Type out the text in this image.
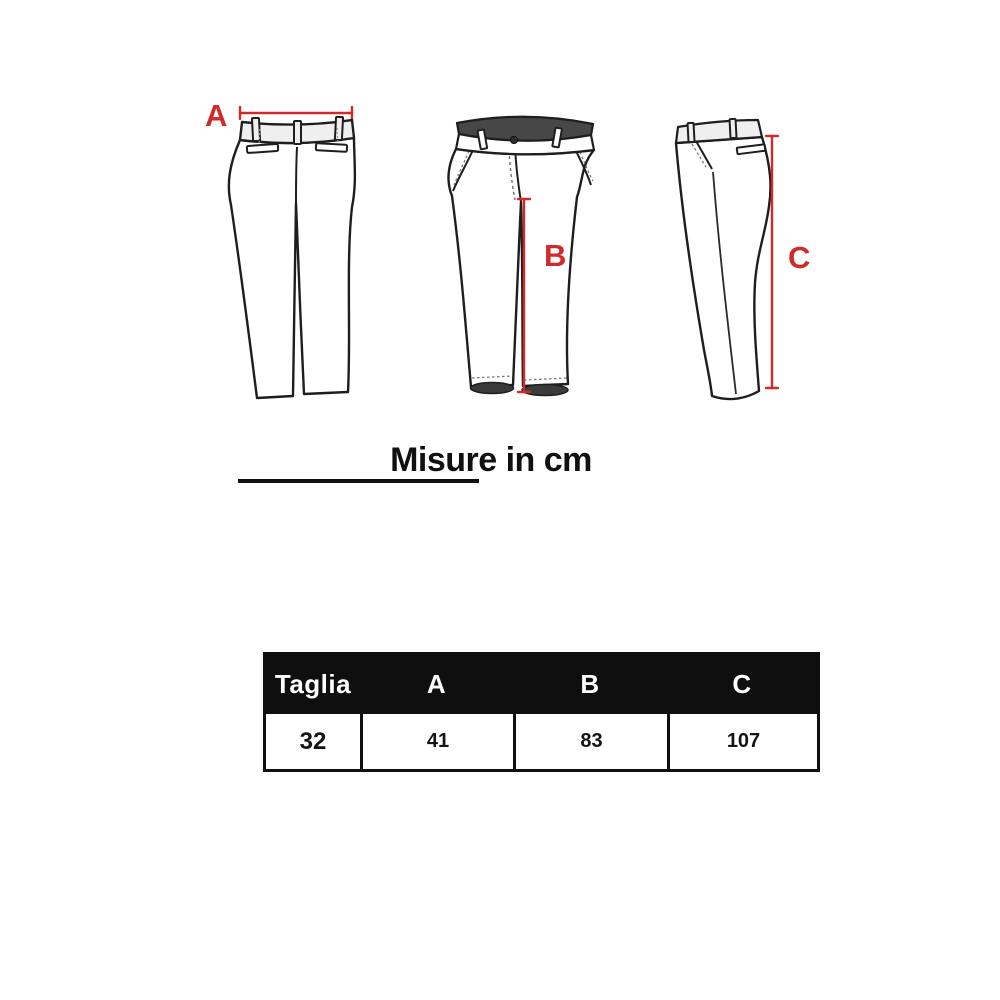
A
B	C
Misure in cm
Taglia	A	B	C
32	41	83	107
